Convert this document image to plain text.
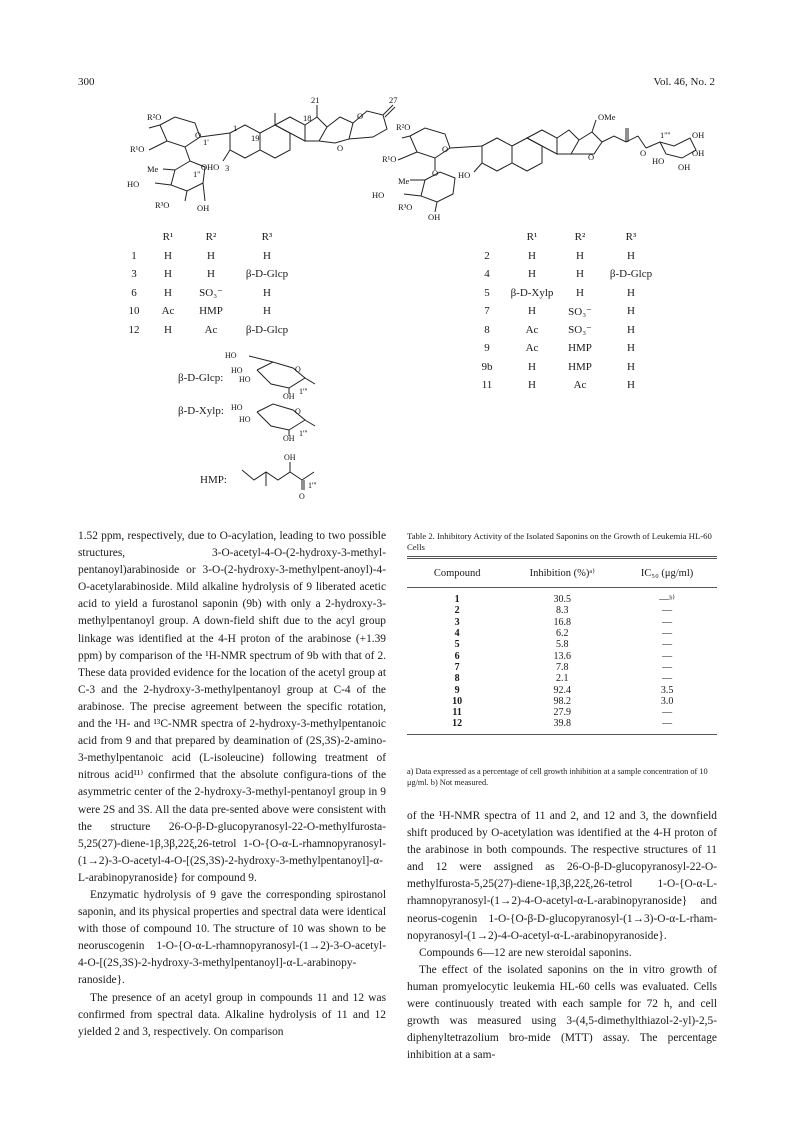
300	Vol. 46, No. 2
R²O
R¹O
O
O
1'
1''
Me
HO
R³O	OH
HO 3
19
1
18
21	27
O
O
R²O
R¹O
O
O
Me
HO
R³O
OH
HO
OMe
O	O
1''''
HO
OH
OH
OH
	R¹	R²	R³
1	H	H	H
3	H	H	β-D-Glcp
6	H	SO₃⁻	H
10	Ac	HMP	H
12	H	Ac	β-D-Glcp
	R¹	R²	R³
2	H	H	H
4	H	H	β-D-Glcp
5	β-D-Xylp	H	H
7	H	SO₃⁻	H
8	Ac	SO₃⁻	H
9	Ac	HMP	H
9b	H	HMP	H
11	H	Ac	H
β-D-Glcp:
HO
HO
HO
O
OH
1'''
β-D-Xylp: HO
HO
O
OH
1'''
HMP:
OH
1'''
O

1.52 ppm, respectively, due to O-acylation, leading to two possible structures, 3-O-acetyl-4-O-(2-hydroxy-3-methyl-pentanoyl)arabinoside or 3-O-(2-hydroxy-3-methylpent-anoyl)-4-O-acetylarabinoside. Mild alkaline hydrolysis of 9 liberated acetic acid to yield a furostanol saponin (9b) with only a 2-hydroxy-3-methylpentanoyl group. A down-field shift due to the acyl group linkage was identified at the 4-H proton of the arabinose (+1.39 ppm) by comparison of the ¹H-NMR spectrum of 9b with that of 2. These data provided evidence for the location of the acetyl group at C-3 and the 2-hydroxy-3-methylpentanoyl group at C-4 of the arabinose. The precise agreement between the specific rotation, and the ¹H- and ¹³C-NMR spectra of 2-hydroxy-3-methylpentanoic acid from 9 and that prepared by deamination of (2S,3S)-2-amino-3-methylpentanoic acid (L-isoleucine) following treatment of nitrous acid¹¹⁾ confirmed that the absolute configura-tions of the asymmetric center of the 2-hydroxy-3-methyl-pentanoyl group in 9 were 2S and 3S. All the data pre-sented above were consistent with the structure 26-O-β-D-glucopyranosyl-22-O-methylfurosta-5,25(27)-diene-1β,3β,22ξ,26-tetrol 1-O-{O-α-L-rhamnopyranosyl-(1→2)-3-O-acetyl-4-O-[(2S,3S)-2-hydroxy-3-methylpentanoyl]-α-L-arabinopyranoside} for compound 9.

Enzymatic hydrolysis of 9 gave the corresponding spirostanol saponin, and its physical properties and spectral data were identical with those of compound 10. The structure of 10 was shown to be neoruscogenin 1-O-{O-α-L-rhamnopyranosyl-(1→2)-3-O-acetyl-4-O-[(2S,3S)-2-hydroxy-3-methylpentanoyl]-α-L-arabinopy-ranoside}.

The presence of an acetyl group in compounds 11 and 12 was confirmed from spectral data. Alkaline hydrolysis of 11 and 12 yielded 2 and 3, respectively. On comparison

Table 2. Inhibitory Activity of the Isolated Saponins on the Growth of Leukemia HL-60 Cells
Compound	Inhibition (%)ᵃ⁾	IC₅₀ (μg/ml)
1	30.5	—ᵇ⁾
2	8.3	—
3	16.8	—
4	6.2	—
5	5.8	—
6	13.6	—
7	7.8	—
8	2.1	—
9	92.4	3.5
10	98.2	3.0
11	27.9	—
12	39.8	—
a) Data expressed as a percentage of cell growth inhibition at a sample concentration of 10 μg/ml. b) Not measured.

of the ¹H-NMR spectra of 11 and 2, and 12 and 3, the downfield shift produced by O-acetylation was identified at the 4-H proton of the arabinose in both compounds. The respective structures of 11 and 12 were assigned as 26-O-β-D-glucopyranosyl-22-O-methylfurosta-5,25(27)-diene-1β,3β,22ξ,26-tetrol 1-O-{O-α-L-rhamnopyranosyl-(1→2)-4-O-acetyl-α-L-arabinopyranoside} and neorus-cogenin 1-O-{O-β-D-glucopyranosyl-(1→3)-O-α-L-rham-nopyranosyl-(1→2)-4-O-acetyl-α-L-arabinopyranoside}.

Compounds 6—12 are new steroidal saponins.

The effect of the isolated saponins on the in vitro growth of human promyelocytic leukemia HL-60 cells was evaluated. Cells were continuously treated with each sample for 72 h, and cell growth was measured using 3-(4,5-dimethylthiazol-2-yl)-2,5-diphenyltetrazolium bro-mide (MTT) assay. The percentage inhibition at a sam-
